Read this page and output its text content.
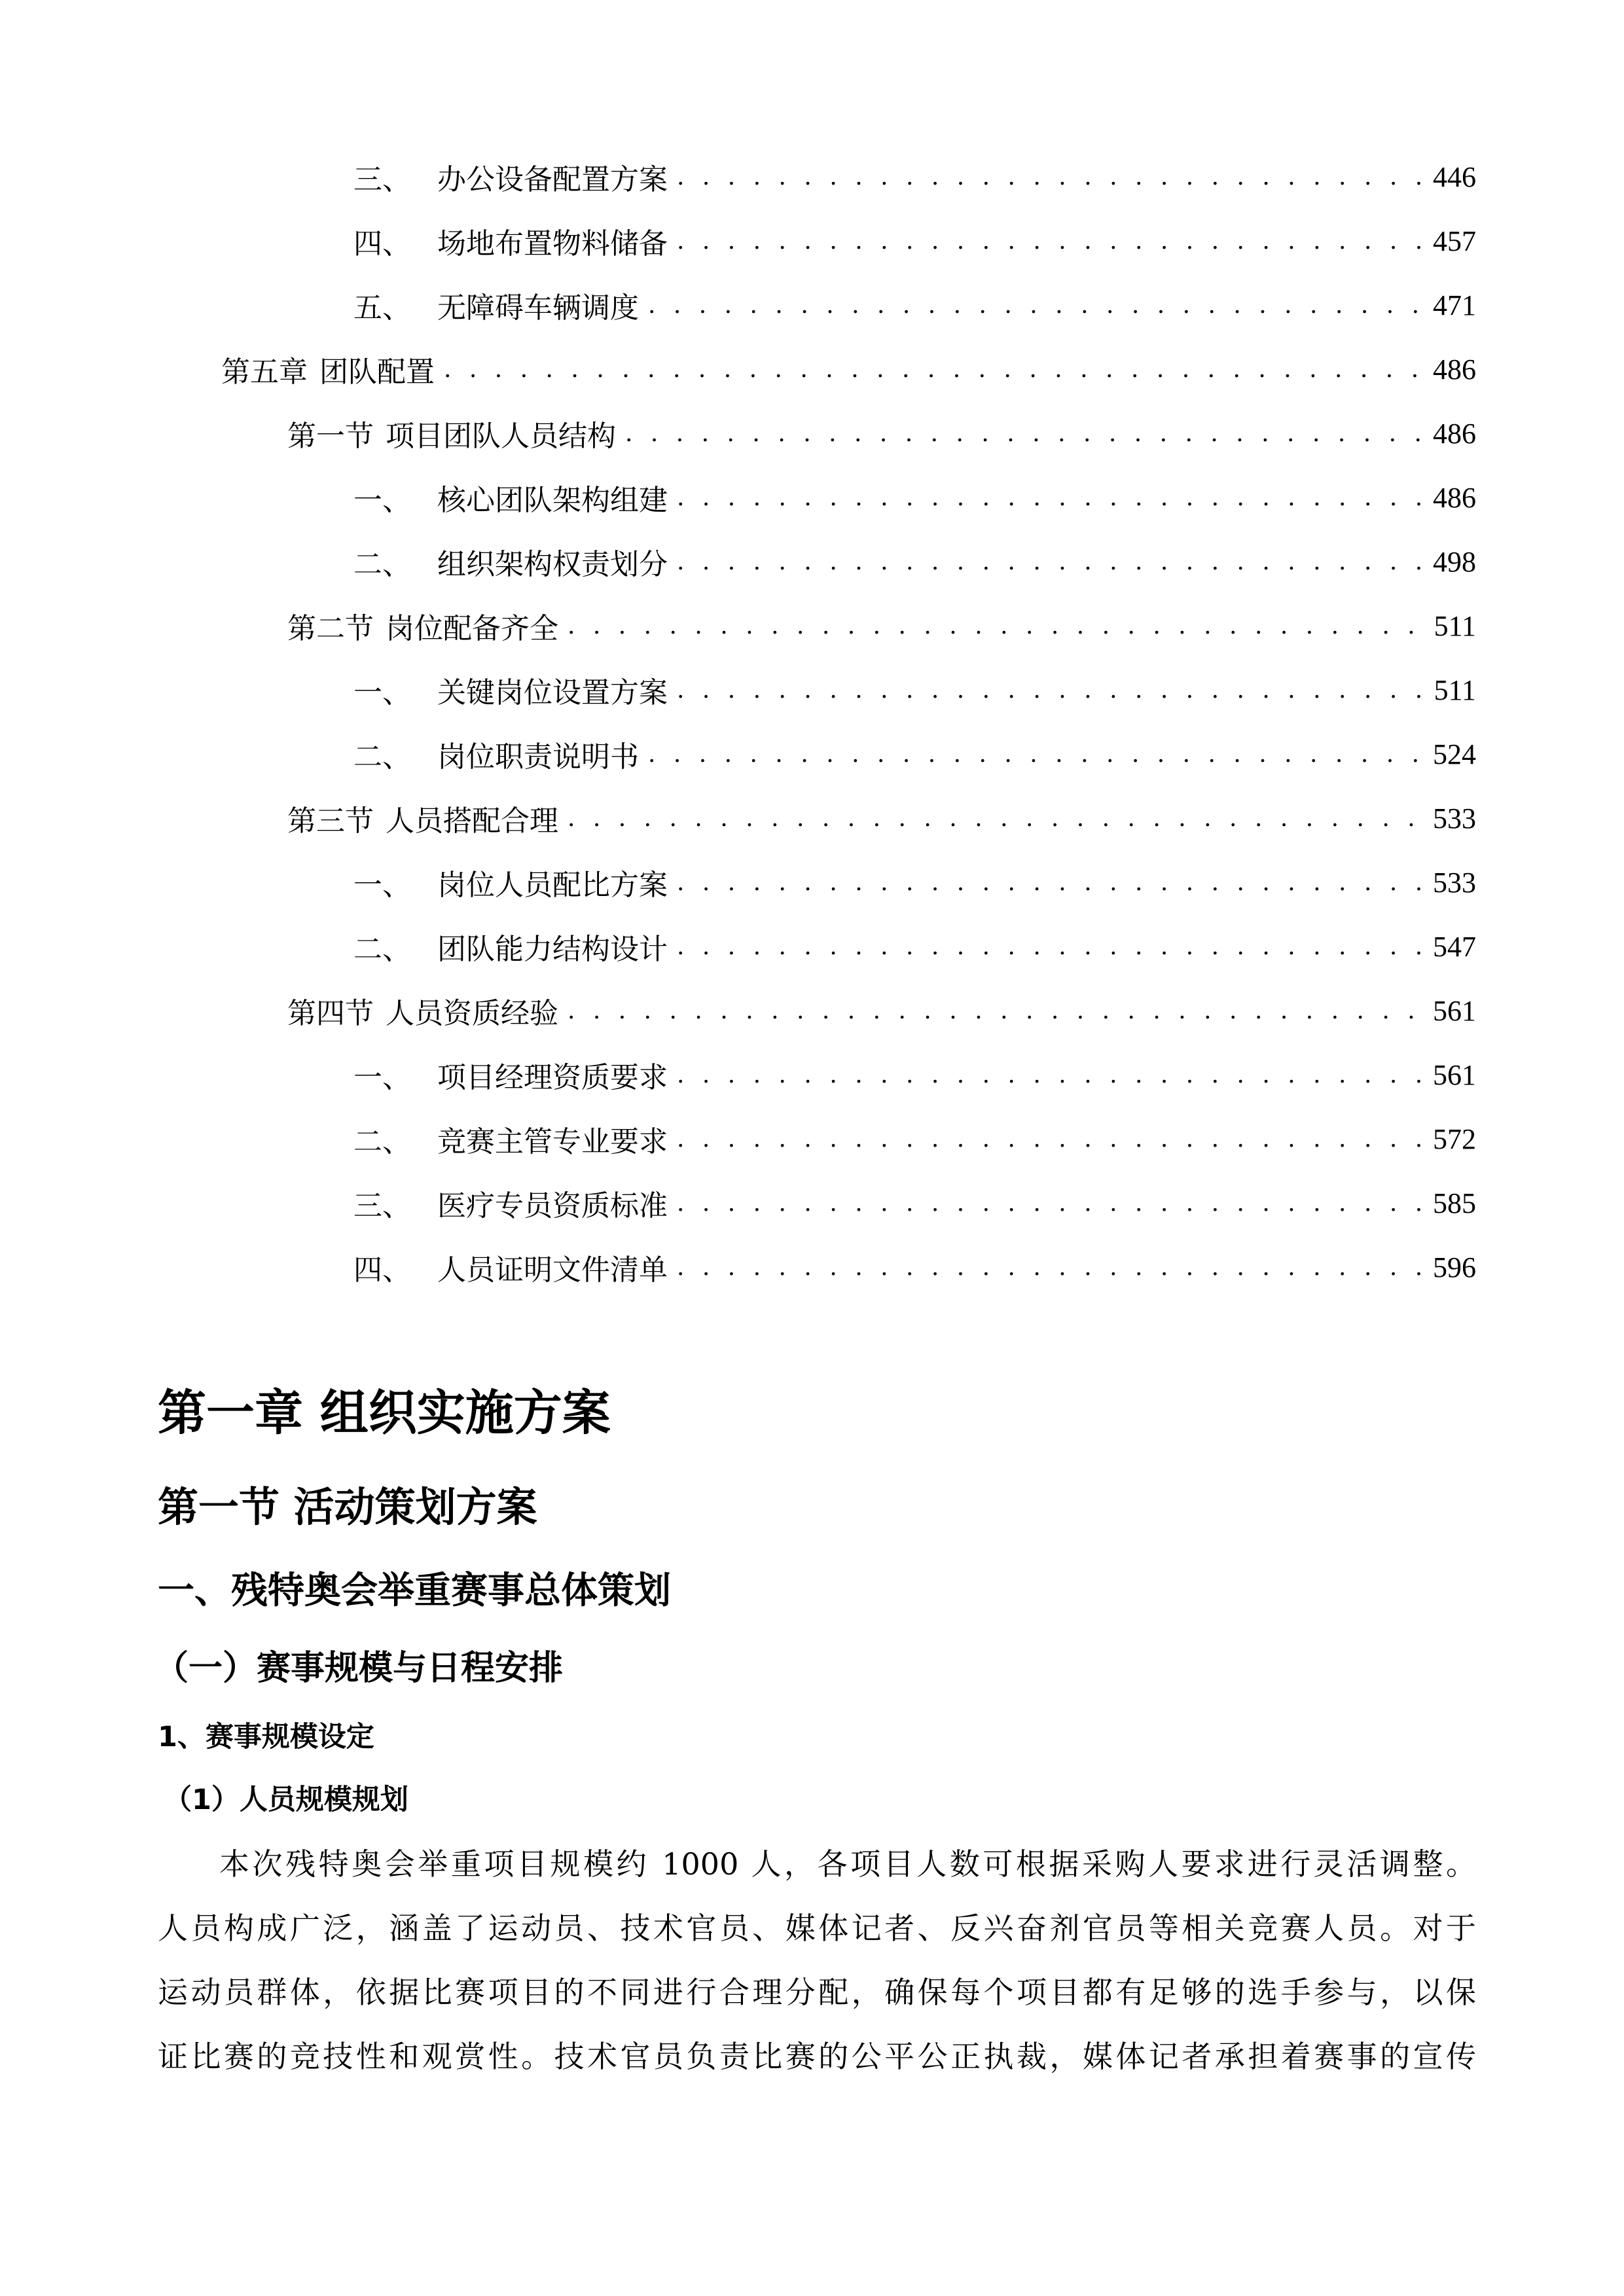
三、 办公设备配置方案 . . .	446
四、 场地布置物料储备 . . .	457
五、 无障碍车辆调度 . . .	471
第五章 团队配置 . . .	486
第一节 项目团队人员结构 . . .	486
一、 核心团队架构组建 . . .	486
二、 组织架构权责划分 . . .	498
第二节 岗位配备齐全 . . .	511
一、 关键岗位设置方案 . . .	511
二、 岗位职责说明书 . . .	524
第三节 人员搭配合理 . . .	533
一、 岗位人员配比方案 . . .	533
二、 团队能力结构设计 . . .	547
第四节 人员资质经验 . . .	561
一、 项目经理资质要求 . . .	561
二、 竞赛主管专业要求 . . .	572
三、 医疗专员资质标准 . . .	585
四、 人员证明文件清单 . . .	596
第一章 组织实施方案
第一节 活动策划方案
一、残特奥会举重赛事总体策划
（一）赛事规模与日程安排
1、赛事规模设定
（1）人员规模规划
本次残特奥会举重项目规模约 1000 人，各项目人数可根据采购人要求进行灵活调整。
人员构成广泛，涵盖了运动员、技术官员、媒体记者、反兴奋剂官员等相关竞赛人员。对于
运动员群体，依据比赛项目的不同进行合理分配，确保每个项目都有足够的选手参与，以保
证比赛的竞技性和观赏性。技术官员负责比赛的公平公正执裁，媒体记者承担着赛事的宣传
